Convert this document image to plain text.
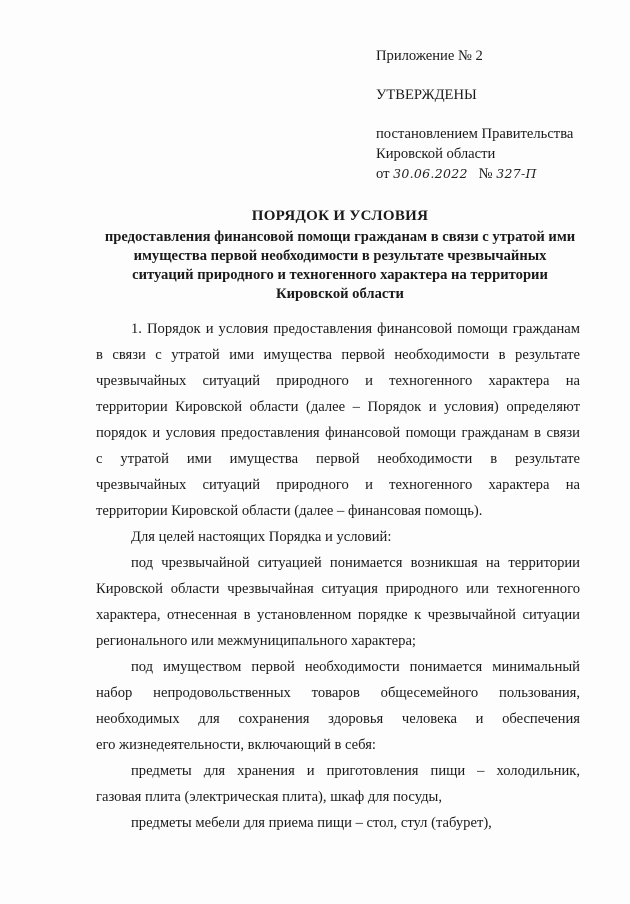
Приложение № 2
УТВЕРЖДЕНЫ
постановлением Правительства
Кировской области
от 30.06.2022 № 327-П
ПОРЯДОК И УСЛОВИЯ
предоставления финансовой помощи гражданам в связи с утратой ими
имущества первой необходимости в результате чрезвычайных
ситуаций природного и техногенного характера на территории
Кировской области
1. Порядок и условия предоставления финансовой помощи гражданам
в связи с утратой ими имущества первой необходимости в результате
чрезвычайных ситуаций природного и техногенного характера на
территории Кировской области (далее – Порядок и условия) определяют
порядок и условия предоставления финансовой помощи гражданам в связи
с утратой ими имущества первой необходимости в результате
чрезвычайных ситуаций природного и техногенного характера на
территории Кировской области (далее – финансовая помощь).
Для целей настоящих Порядка и условий:
под чрезвычайной ситуацией понимается возникшая на территории
Кировской области чрезвычайная ситуация природного или техногенного
характера, отнесенная в установленном порядке к чрезвычайной ситуации
регионального или межмуниципального характера;
под имуществом первой необходимости понимается минимальный
набор непродовольственных товаров общесемейного пользования,
необходимых для сохранения здоровья человека и обеспечения
его жизнедеятельности, включающий в себя:
предметы для хранения и приготовления пищи – холодильник,
газовая плита (электрическая плита), шкаф для посуды,
предметы мебели для приема пищи – стол, стул (табурет),
